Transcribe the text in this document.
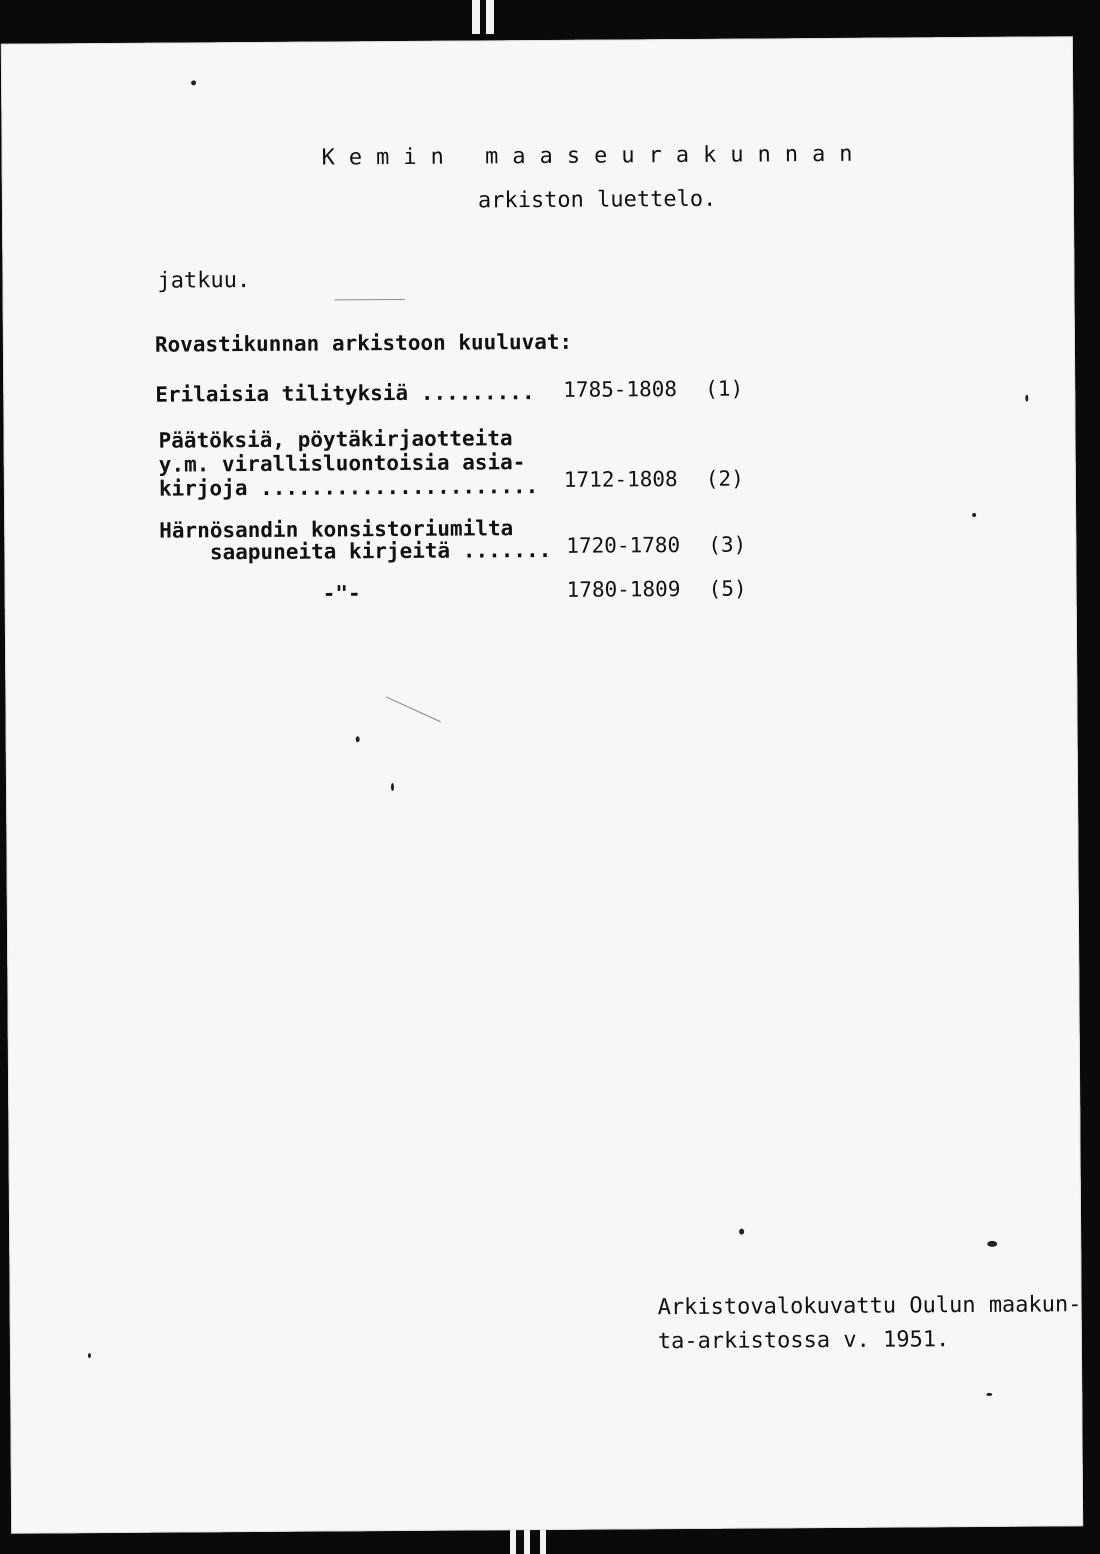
Kemin maaseurakunnan
arkiston luettelo.
jatkuu.
Rovastikunnan arkistoon kuuluvat:
Erilaisia tilityksiä ......... 1785-1808 (1)
Päätöksiä, pöytäkirjaotteita
y.m. virallisluontoisia asia-
kirjoja ...................... 1712-1808 (2)
Härnösandin konsistoriumilta
saapuneita kirjeitä ....... 1720-1780 (3)
-"-	1780-1809 (5)
Arkistovalokuvattu Oulun maakun-
ta-arkistossa v. 1951.
